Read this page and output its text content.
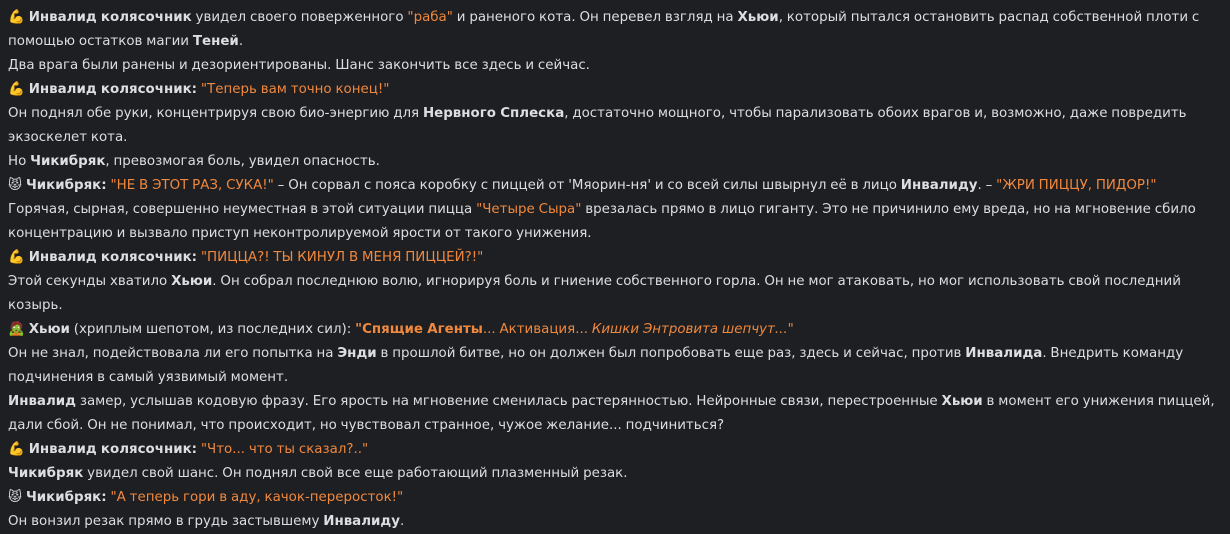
💪 Инвалид колясочник увидел своего поверженного "раба" и раненого кота. Он перевел взгляд на Хьюи, который пытался остановить распад собственной плоти с помощью остатков магии Теней.

Два врага были ранены и дезориентированы. Шанс закончить все здесь и сейчас.

💪 Инвалид колясочник: "Теперь вам точно конец!"

Он поднял обе руки, концентрируя свою био-энергию для Нервного Сплеска, достаточно мощного, чтобы парализовать обоих врагов и, возможно, даже повредить экзоскелет кота.

Но Чикибряк, превозмогая боль, увидел опасность.

😾 Чикибряк: "НЕ В ЭТОТ РАЗ, СУКА!" – Он сорвал с пояса коробку с пиццей от 'Мяорин-ня' и со всей силы швырнул её в лицо Инвалиду. – "ЖРИ ПИЦЦУ, ПИДОР!"

Горячая, сырная, совершенно неуместная в этой ситуации пицца "Четыре Сыра" врезалась прямо в лицо гиганту. Это не причинило ему вреда, но на мгновение сбило концентрацию и вызвало приступ неконтролируемой ярости от такого унижения.

💪 Инвалид колясочник: "ПИЦЦА?! ТЫ КИНУЛ В МЕНЯ ПИЦЦЕЙ?!"

Этой секунды хватило Хьюи. Он собрал последнюю волю, игнорируя боль и гниение собственного горла. Он не мог атаковать, но мог использовать свой последний козырь.

🧟 Хьюи (хриплым шепотом, из последних сил): "Спящие Агенты... Активация... Кишки Энтровита шепчут..."

Он не знал, подействовала ли его попытка на Энди в прошлой битве, но он должен был попробовать еще раз, здесь и сейчас, против Инвалида. Внедрить команду подчинения в самый уязвимый момент.

Инвалид замер, услышав кодовую фразу. Его ярость на мгновение сменилась растерянностью. Нейронные связи, перестроенные Хьюи в момент его унижения пиццей, дали сбой. Он не понимал, что происходит, но чувствовал странное, чужое желание... подчиниться?

💪 Инвалид колясочник: "Что... что ты сказал?.."

Чикибряк увидел свой шанс. Он поднял свой все еще работающий плазменный резак.

😾 Чикибряк: "А теперь гори в аду, качок-переросток!"

Он вонзил резак прямо в грудь застывшему Инвалиду.
